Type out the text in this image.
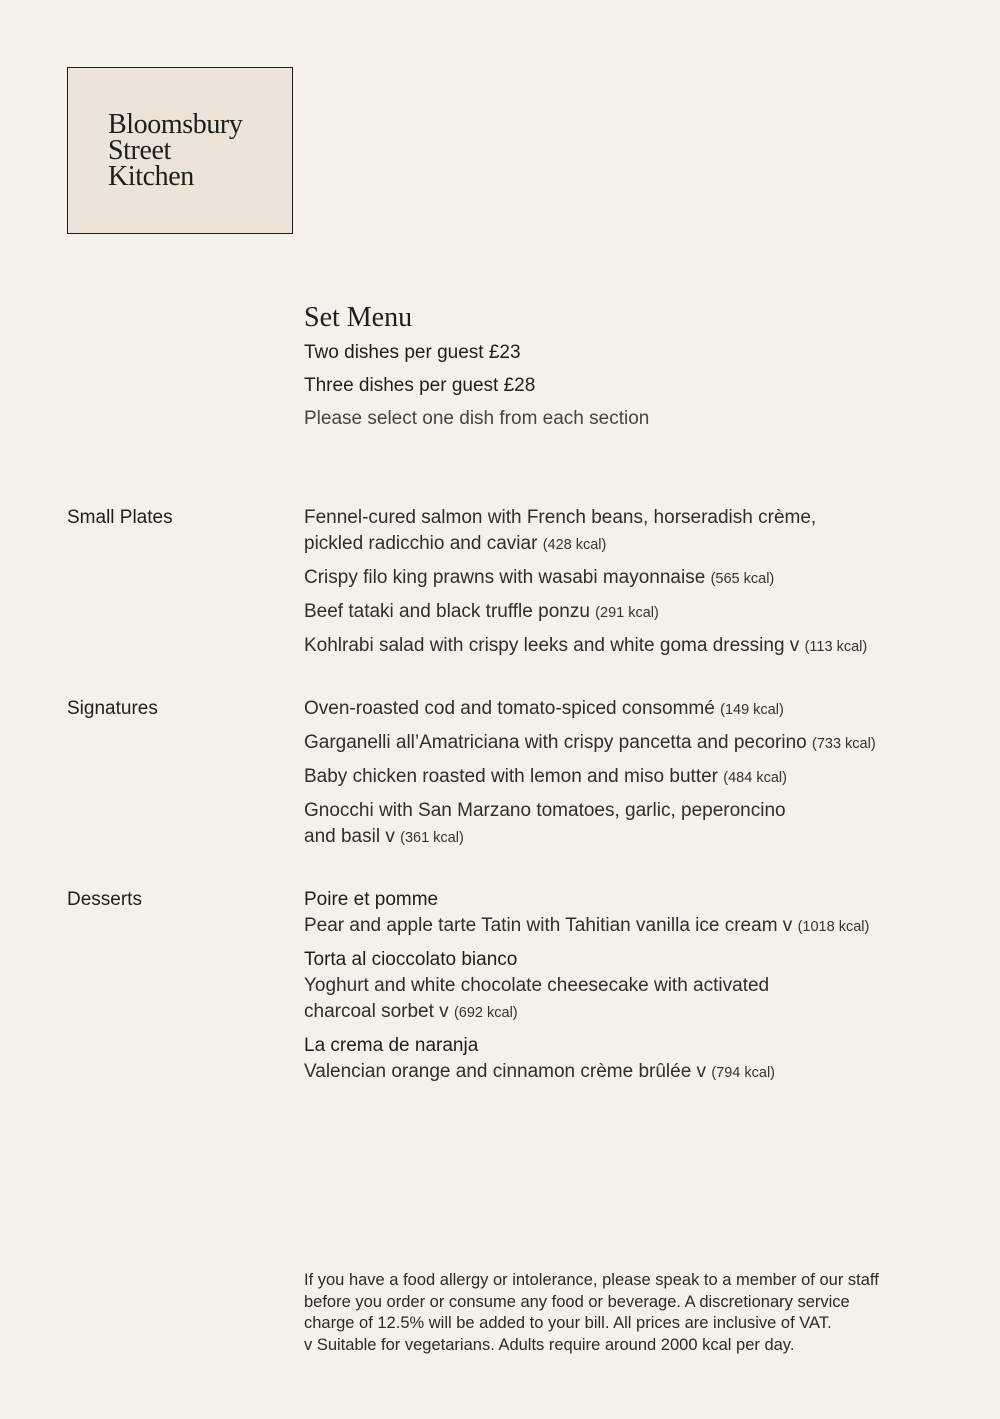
Bloomsbury
Street
Kitchen
Set Menu
Two dishes per guest £23
Three dishes per guest £28
Please select one dish from each section
Small Plates	Fennel-cured salmon with French beans, horseradish crème,
pickled radicchio and caviar (428 kcal)
Crispy filo king prawns with wasabi mayonnaise (565 kcal)
Beef tataki and black truffle ponzu (291 kcal)
Kohlrabi salad with crispy leeks and white goma dressing v (113 kcal)
Signatures	Oven-roasted cod and tomato-spiced consommé (149 kcal)
Garganelli all’Amatriciana with crispy pancetta and pecorino (733 kcal)
Baby chicken roasted with lemon and miso butter (484 kcal)
Gnocchi with San Marzano tomatoes, garlic, peperoncino
and basil v (361 kcal)
Desserts	Poire et pomme
Pear and apple tarte Tatin with Tahitian vanilla ice cream v (1018 kcal)
Torta al cioccolato bianco
Yoghurt and white chocolate cheesecake with activated
charcoal sorbet v (692 kcal)
La crema de naranja
Valencian orange and cinnamon crème brûlée v (794 kcal)
If you have a food allergy or intolerance, please speak to a member of our staff
before you order or consume any food or beverage. A discretionary service
charge of 12.5% will be added to your bill. All prices are inclusive of VAT.
v Suitable for vegetarians. Adults require around 2000 kcal per day.
